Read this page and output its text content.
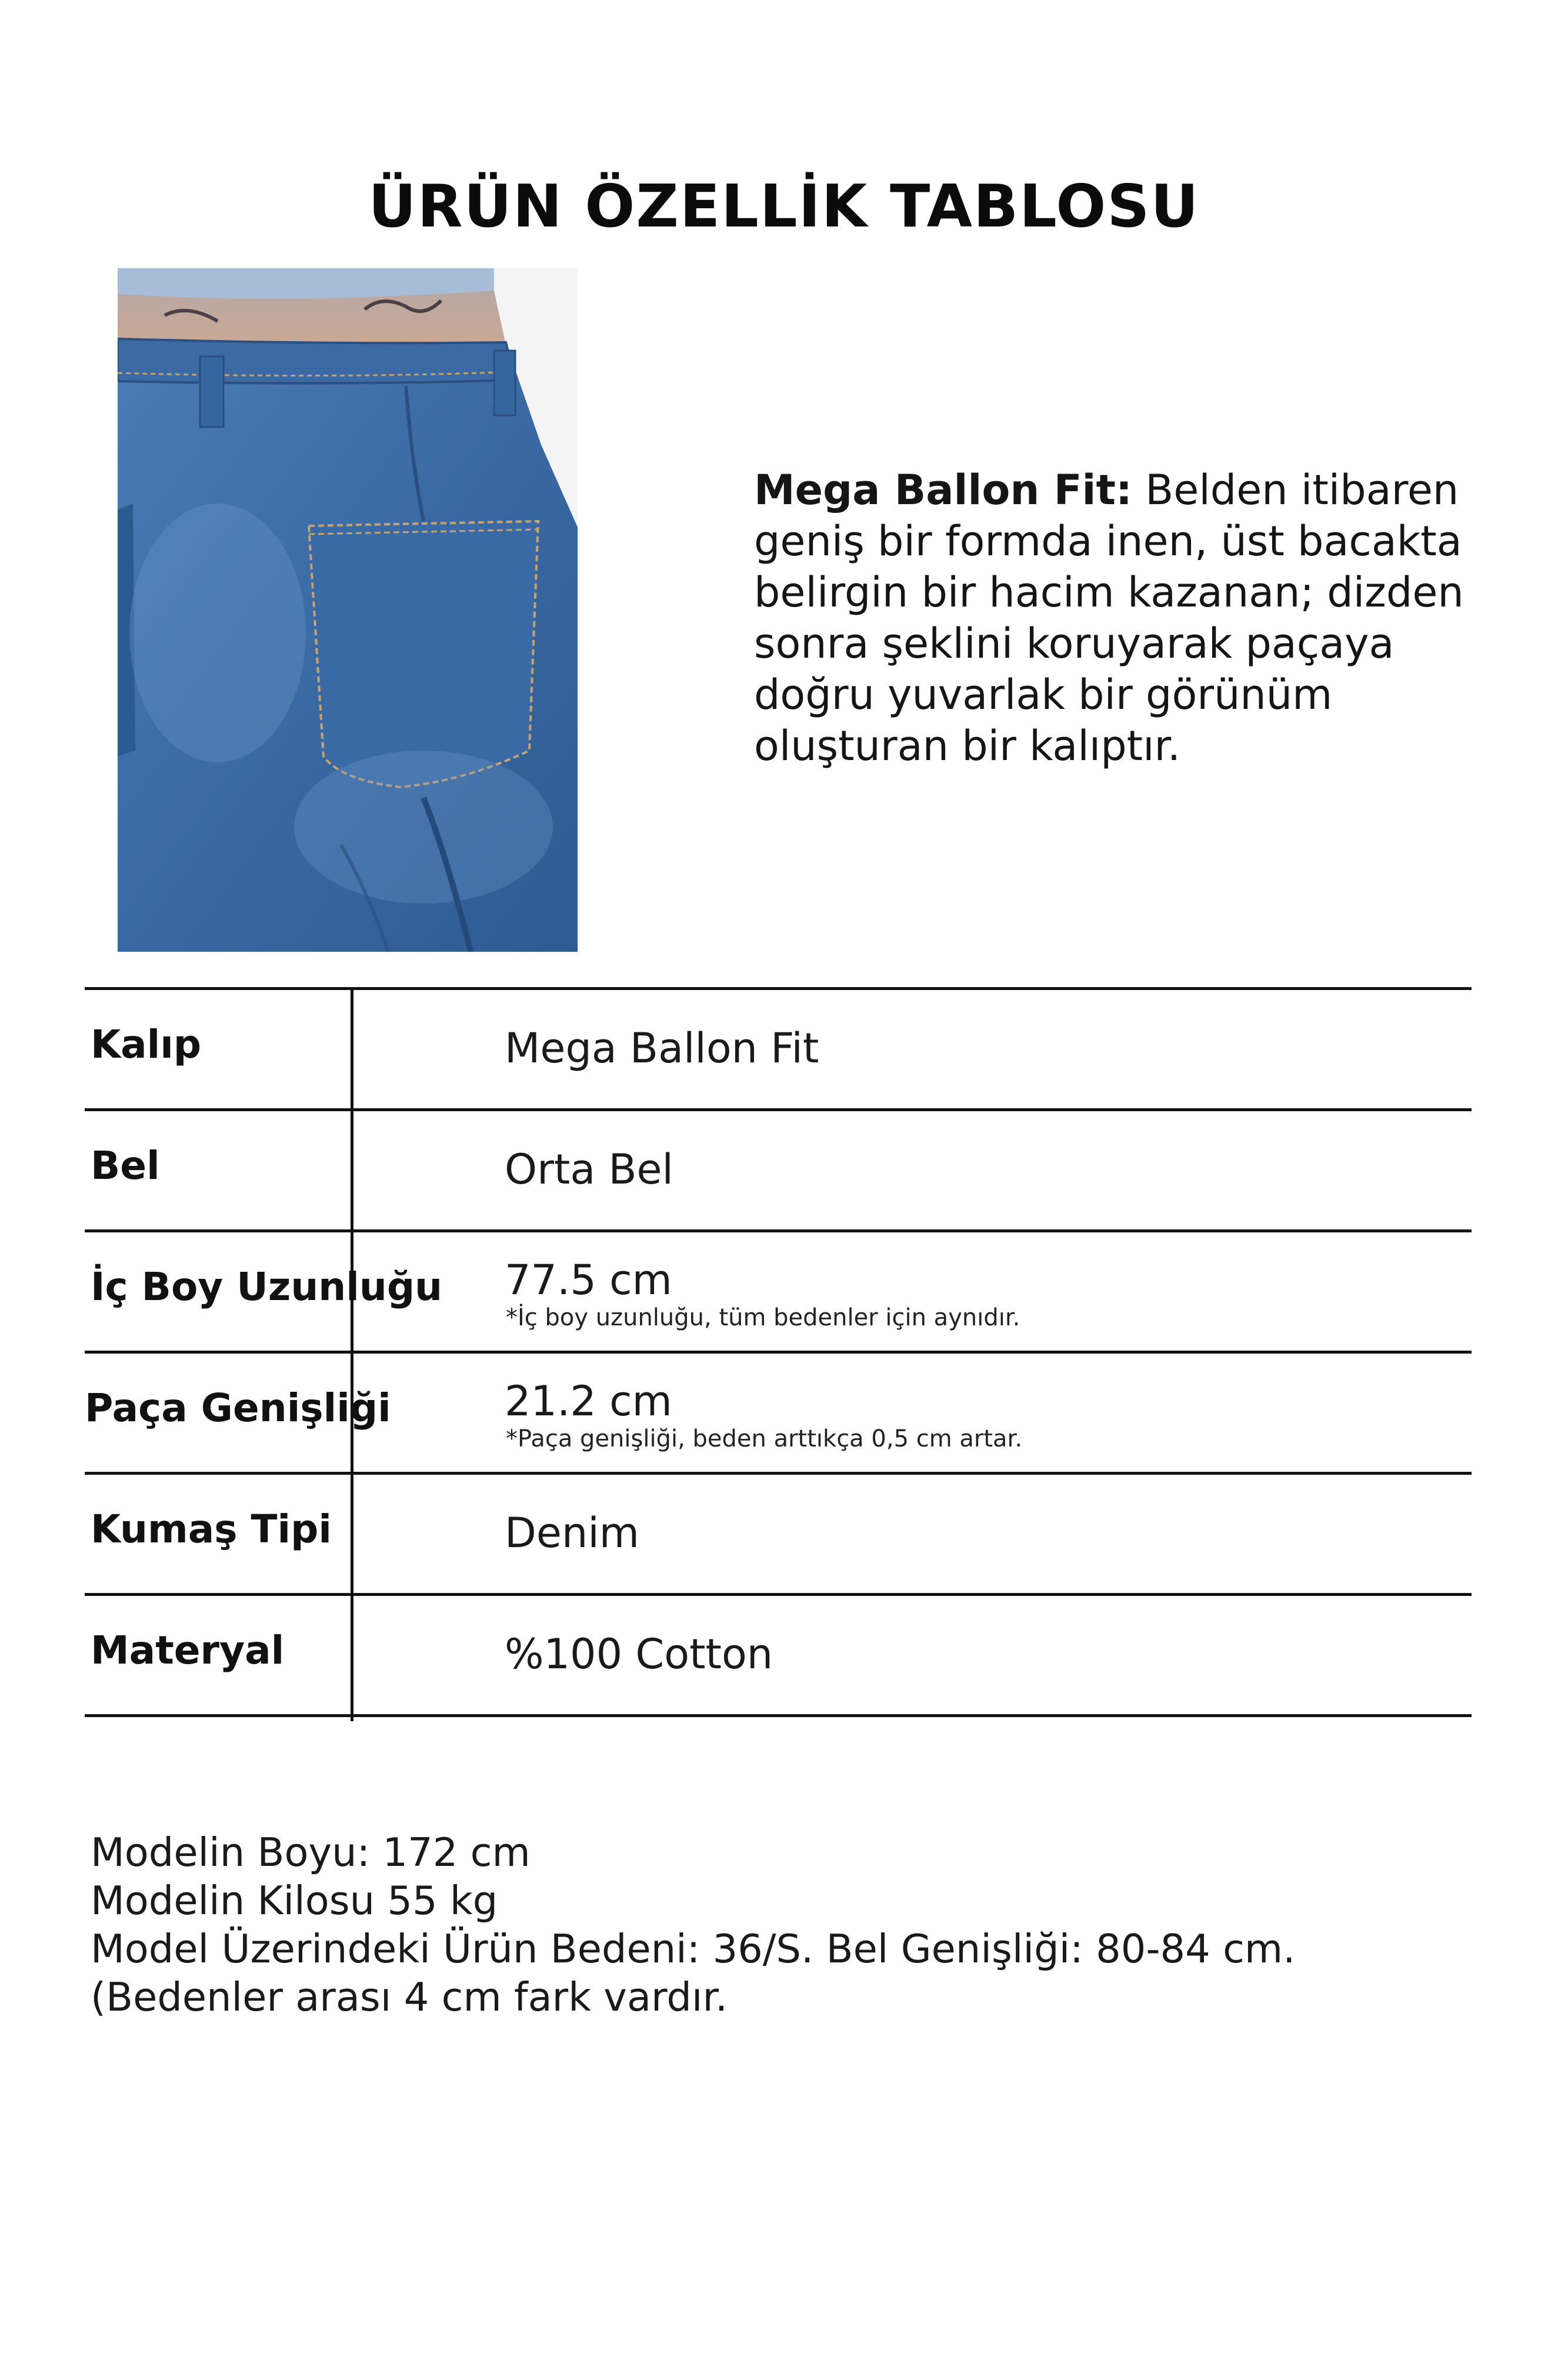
ÜRÜN ÖZELLİK TABLOSU
Mega Ballon Fit: Belden itibaren geniş bir formda inen, üst bacakta belirgin bir hacim kazanan; dizden sonra şeklini koruyarak paçaya doğru yuvarlak bir görünüm oluşturan bir kalıptır.
Kalıp	Mega Ballon Fit
Bel	Orta Bel
İç Boy Uzunluğu 77.5 cm
*İç boy uzunluğu, tüm bedenler için aynıdır.
Paça Genişliği	21.2 cm
*Paça genişliği, beden arttıkça 0,5 cm artar.
Kumaş Tipi	Denim
Materyal	%100 Cotton
Modelin Boyu: 172 cm
Modelin Kilosu 55 kg
Model Üzerindeki Ürün Bedeni: 36/S. Bel Genişliği: 80-84 cm. (Bedenler arası 4 cm fark vardır.
